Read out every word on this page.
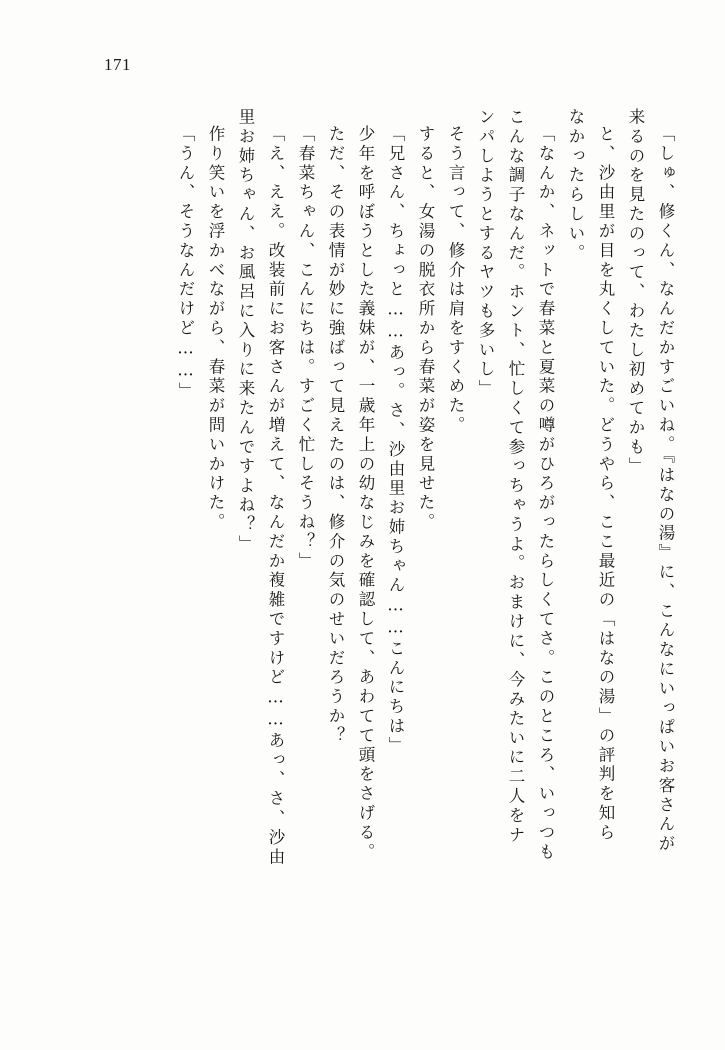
171
「しゅ、修くん、なんだかすごいね。『はなの湯』に、こんなにいっぱいお客さんが
来るのを見たのって、わたし初めてかも」
と、沙由里が目を丸くしていた。どうやら、ここ最近の「はなの湯」の評判を知ら
なかったらしい。
「なんか、ネットで春菜と夏菜の噂がひろがったらしくてさ。このところ、いっつも
こんな調子なんだ。ホント、忙しくて参っちゃうよ。おまけに、今みたいに二人をナ
ンパしようとするヤツも多いし」
そう言って、修介は肩をすくめた。
すると、女湯の脱衣所から春菜が姿を見せた。
「兄さん、ちょっと……あっ。さ、沙由里お姉ちゃん……こんにちは」
少年を呼ぼうとした義妹が、一歳年上の幼なじみを確認して、あわてて頭をさげる。
ただ、その表情が妙に強ばって見えたのは、修介の気のせいだろうか？
「春菜ちゃん、こんにちは。すごく忙しそうね？」
「え、ええ。改装前にお客さんが増えて、なんだか複雑ですけど……あっ、さ、沙由
里お姉ちゃん、お風呂に入りに来たんですよね？」
作り笑いを浮かべながら、春菜が問いかけた。
「うん、そうなんだけど……」
